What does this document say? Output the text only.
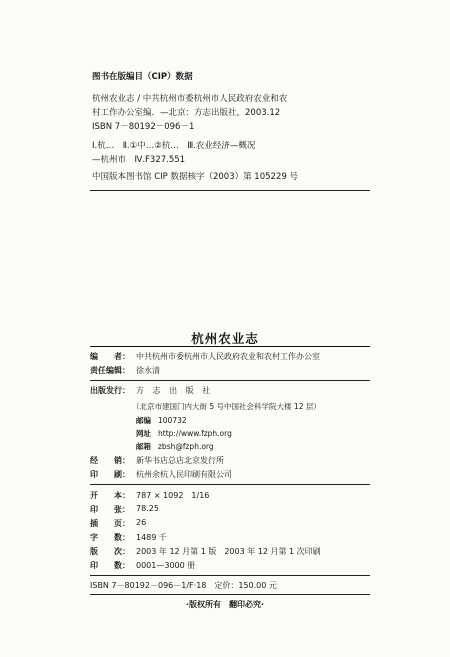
图书在版编目（CIP）数据
杭州农业志 / 中共杭州市委杭州市人民政府农业和农
村工作办公室编．—北京：方志出版社，2003.12
ISBN 7－80192－096－1
Ⅰ.杭…　Ⅱ.①中…②杭…　Ⅲ.农业经济—概况
—杭州市　Ⅳ.F327.551
中国版本图书馆 CIP 数据核字（2003）第 105229 号
杭州农业志
编　　者： 中共杭州市委杭州市人民政府农业和农村工作办公室
责任编辑： 徐永清
出版发行： 方 志 出 版 社
（北京市建国门内大街 5 号中国社会科学院大楼 12 层）
邮编 100732
网址 http://www.fzph.org
邮箱 zbsh@fzph.org
经　　销： 新华书店总店北京发行所
印　　刷： 杭州余杭人民印刷有限公司
开　　本： 787 × 1092　1/16
印　　张： 78.25
插　　页： 26
字　　数： 1489 千
版　　次： 2003 年 12 月第 1 版　2003 年 12 月第 1 次印刷
印　　数： 0001—3000 册
ISBN 7－80192－096－1/F·18　定价：150.00 元
·版权所有　翻印必究·
